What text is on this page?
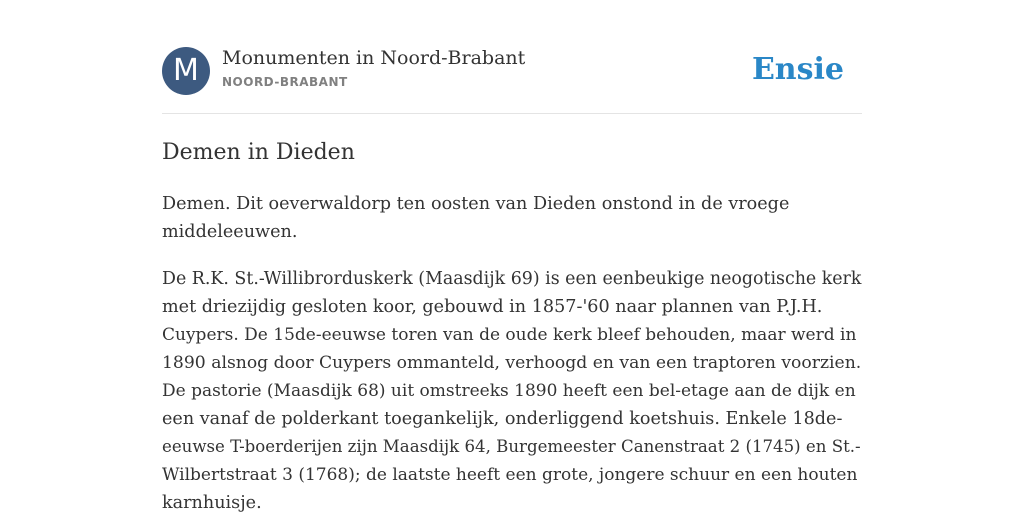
M	Monumenten in Noord-Brabant
NOORD-BRABANT	Ensie
Demen in Dieden

Demen. Dit oeverwaldorp ten oosten van Dieden onstond in de vroege
middeleeuwen.

De R.K. St.-Willibrorduskerk (Maasdijk 69) is een eenbeukige neogotische kerk
met driezijdig gesloten koor, gebouwd in 1857-'60 naar plannen van P.J.H.
Cuypers. De 15de-eeuwse toren van de oude kerk bleef behouden, maar werd in
1890 alsnog door Cuypers ommanteld, verhoogd en van een traptoren voorzien.
De pastorie (Maasdijk 68) uit omstreeks 1890 heeft een bel-etage aan de dijk en
een vanaf de polderkant toegankelijk, onderliggend koetshuis. Enkele 18de-
eeuwse T-boerderijen zijn Maasdijk 64, Burgemeester Canenstraat 2 (1745) en St.-
Wilbertstraat 3 (1768); de laatste heeft een grote, jongere schuur en een houten
karnhuisje.
